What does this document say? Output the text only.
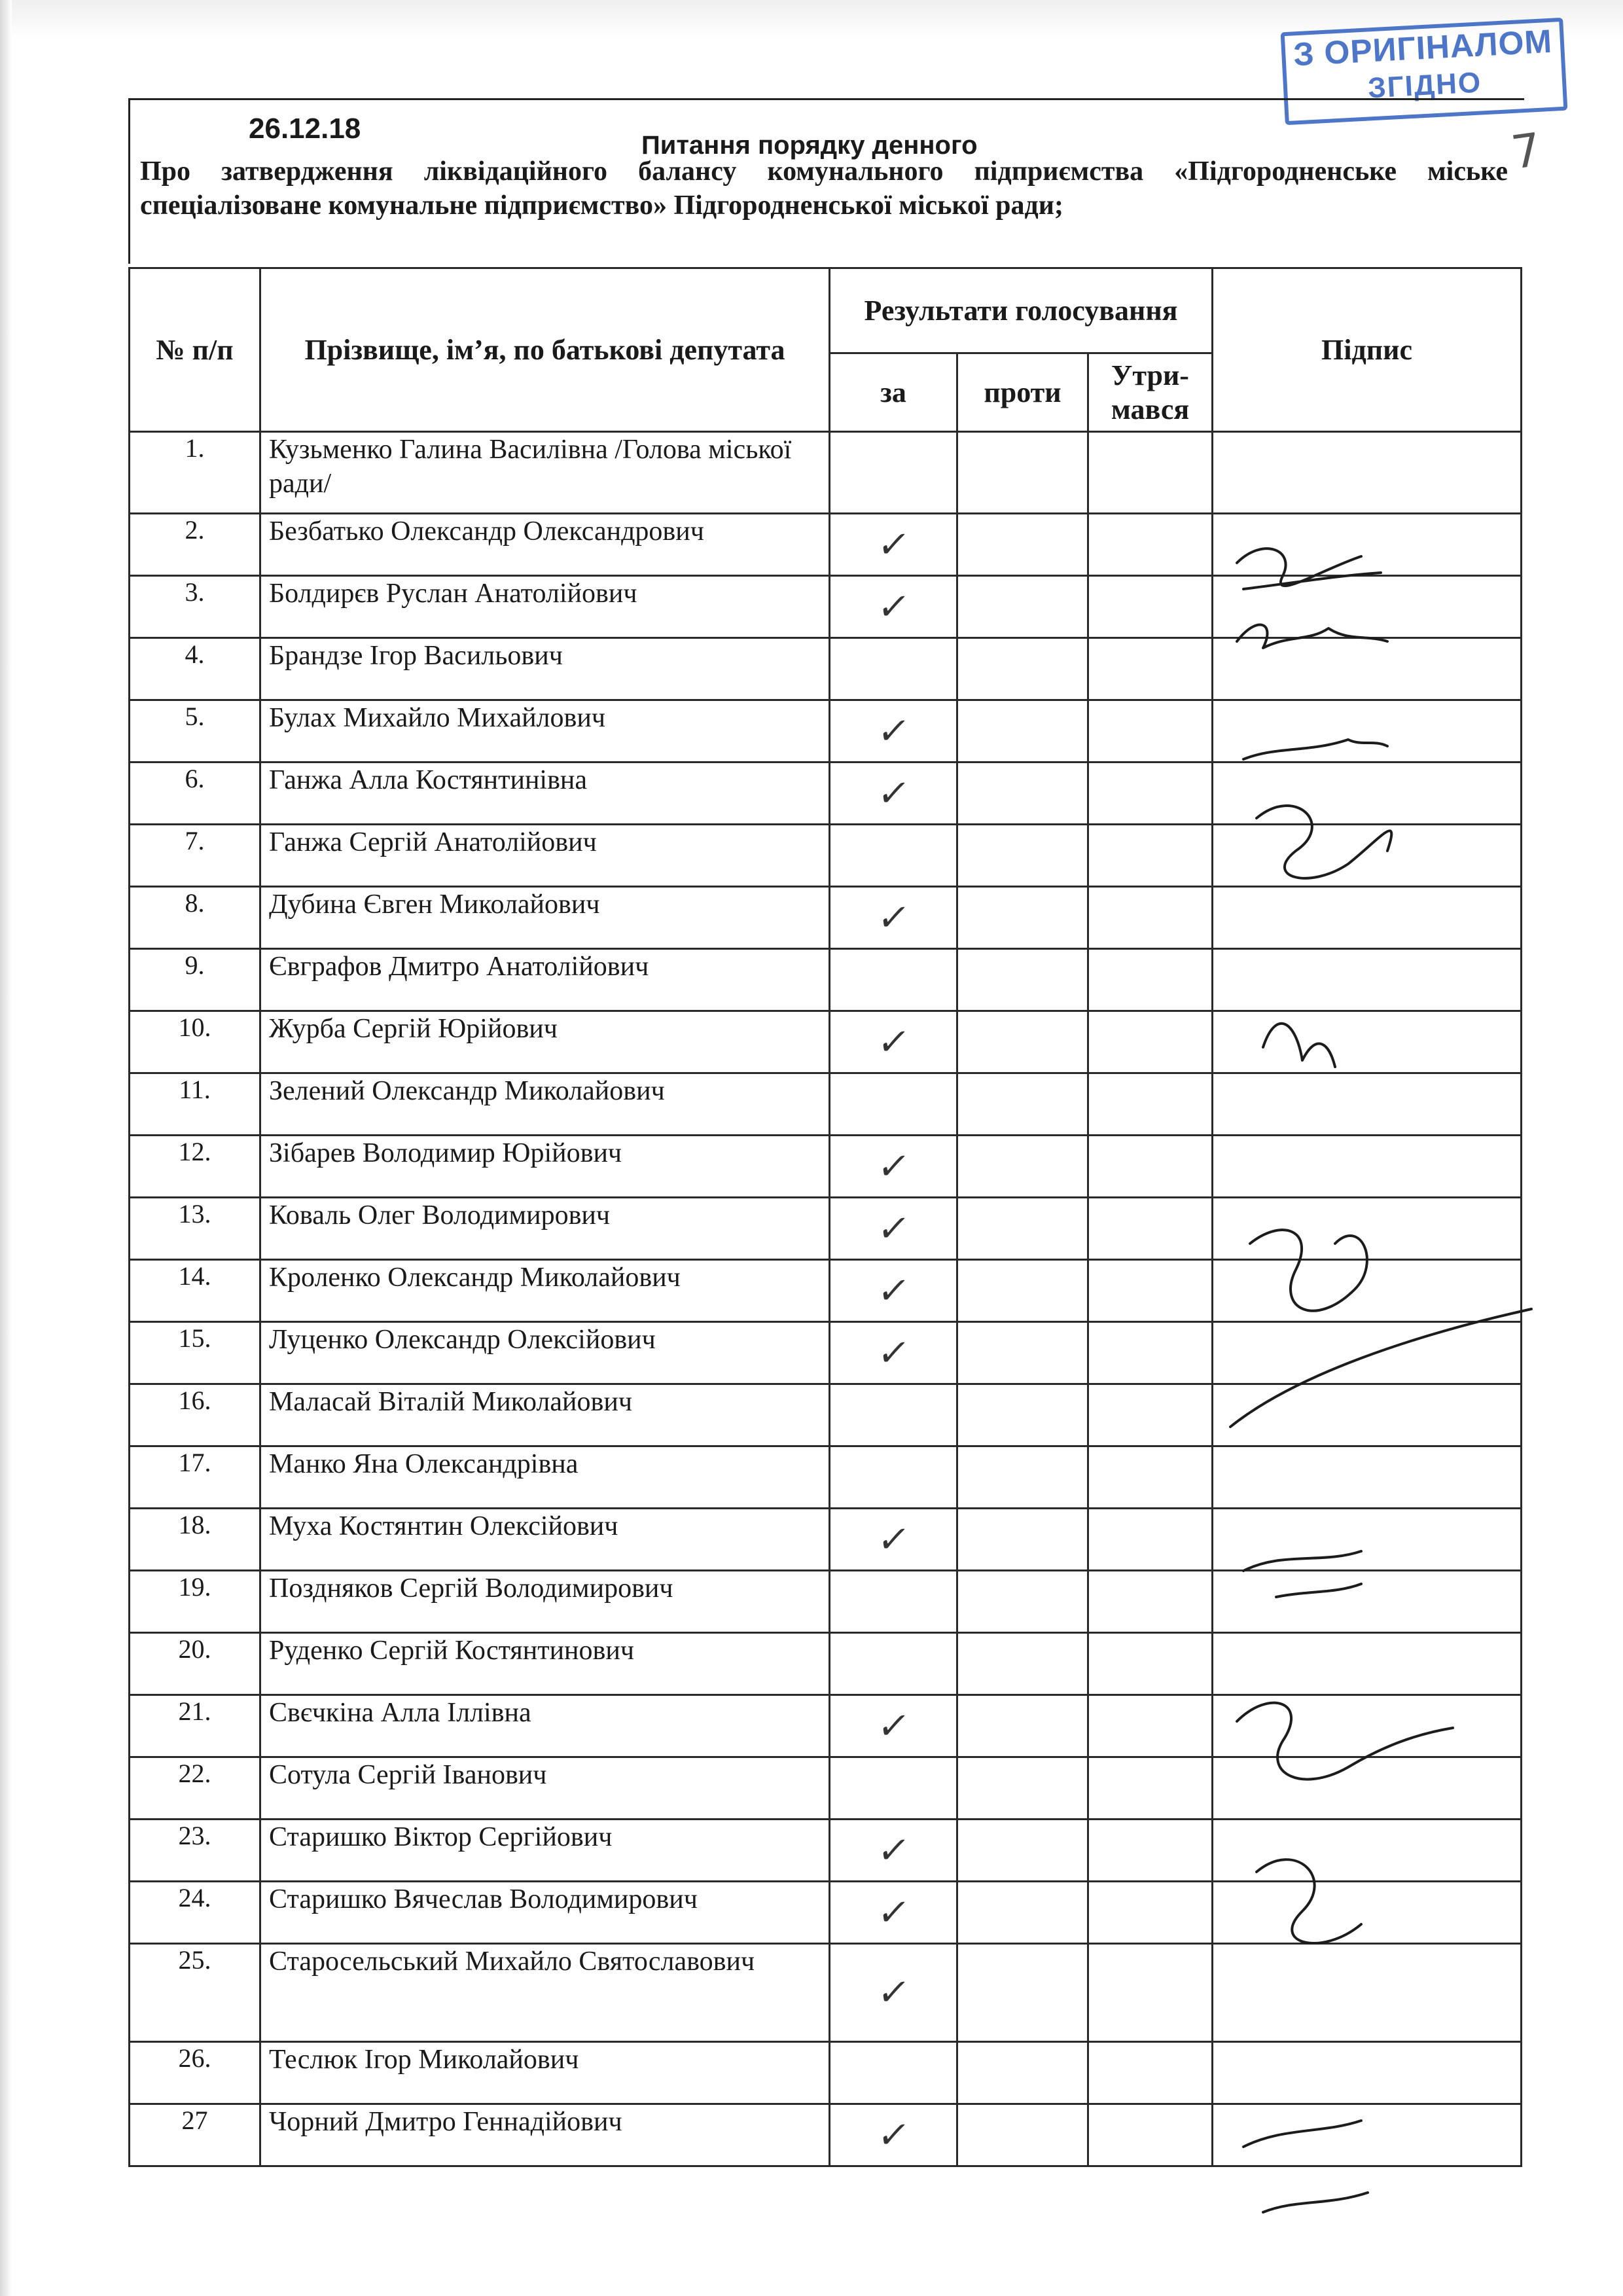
З ОРИГІНАЛОМ
ЗГІДНО
7
26.12.18
Питання порядку денного
Про затвердження ліквідаційного балансу комунального підприємства «Підгородненське міське спеціалізоване комунальне підприємство» Підгородненської міської ради;
№ п/п	Прізвище, ім’я, по батькові депутата	Результати голосування			Підпис
		за	проти	Утри-мався	
1.	Кузьменко Галина Василівна /Голова міської ради/				
2.	Безбатько Олександр Олександрович	✓			
3.	Болдирєв Руслан Анатолійович	✓			
4.	Брандзе Ігор Васильович				
5.	Булах Михайло Михайлович	✓			
6.	Ганжа Алла Костянтинівна	✓			
7.	Ганжа Сергій Анатолійович				
8.	Дубина Євген Миколайович	✓			
9.	Євграфов Дмитро Анатолійович				
10.	Журба Сергій Юрійович	✓			
11.	Зелений Олександр Миколайович				
12.	Зібарев Володимир Юрійович	✓			
13.	Коваль Олег Володимирович	✓			
14.	Кроленко Олександр Миколайович	✓			
15.	Луценко Олександр Олексійович	✓			
16.	Маласай Віталій Миколайович				
17.	Манко Яна Олександрівна				
18.	Муха Костянтин Олексійович	✓			
19.	Поздняков Сергій Володимирович				
20.	Руденко Сергій Костянтинович				
21.	Свєчкіна Алла Іллівна	✓			
22.	Сотула Сергій Іванович				
23.	Старишко Віктор Сергійович	✓			
24.	Старишко Вячеслав Володимирович	✓			
25.	Старосельський Михайло Святославович	✓			
26.	Теслюк Ігор Миколайович				
27	Чорний Дмитро Геннадійович	✓			
